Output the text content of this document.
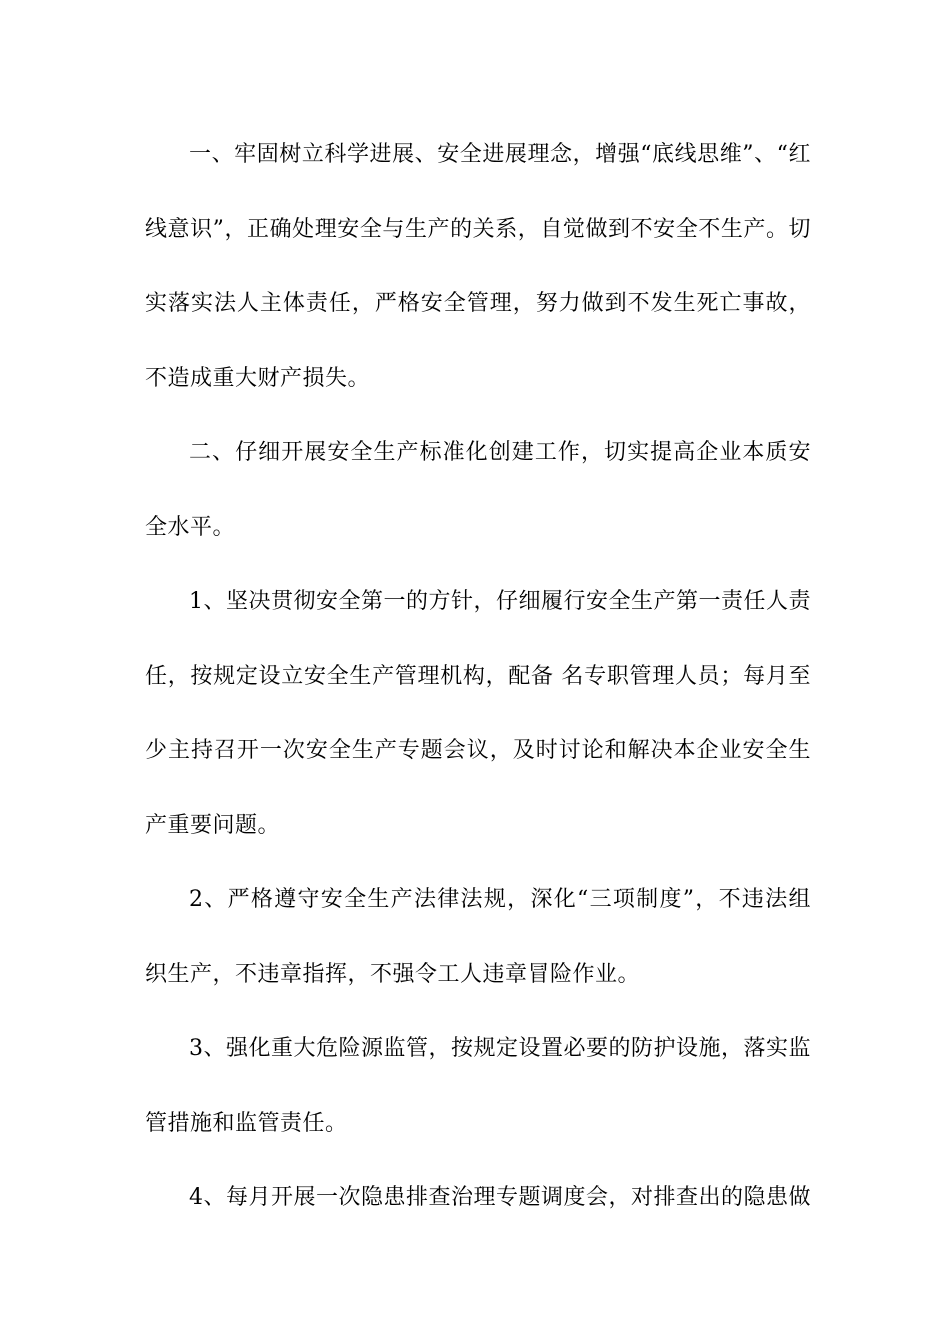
一、牢固树立科学进展、安全进展理念，增强“底线思维”、“红线意识”，正确处理安全与生产的关系，自觉做到不安全不生产。切实落实法人主体责任，严格安全管理，努力做到不发生死亡事故，不造成重大财产损失。

二、仔细开展安全生产标准化创建工作，切实提高企业本质安全水平。

1、坚决贯彻安全第一的方针，仔细履行安全生产第一责任人责任，按规定设立安全生产管理机构，配备 名专职管理人员；每月至少主持召开一次安全生产专题会议，及时讨论和解决本企业安全生产重要问题。

2、严格遵守安全生产法律法规，深化“三项制度”，不违法组织生产，不违章指挥，不强令工人违章冒险作业。

3、强化重大危险源监管，按规定设置必要的防护设施，落实监管措施和监管责任。

4、每月开展一次隐患排查治理专题调度会，对排查出的隐患做
